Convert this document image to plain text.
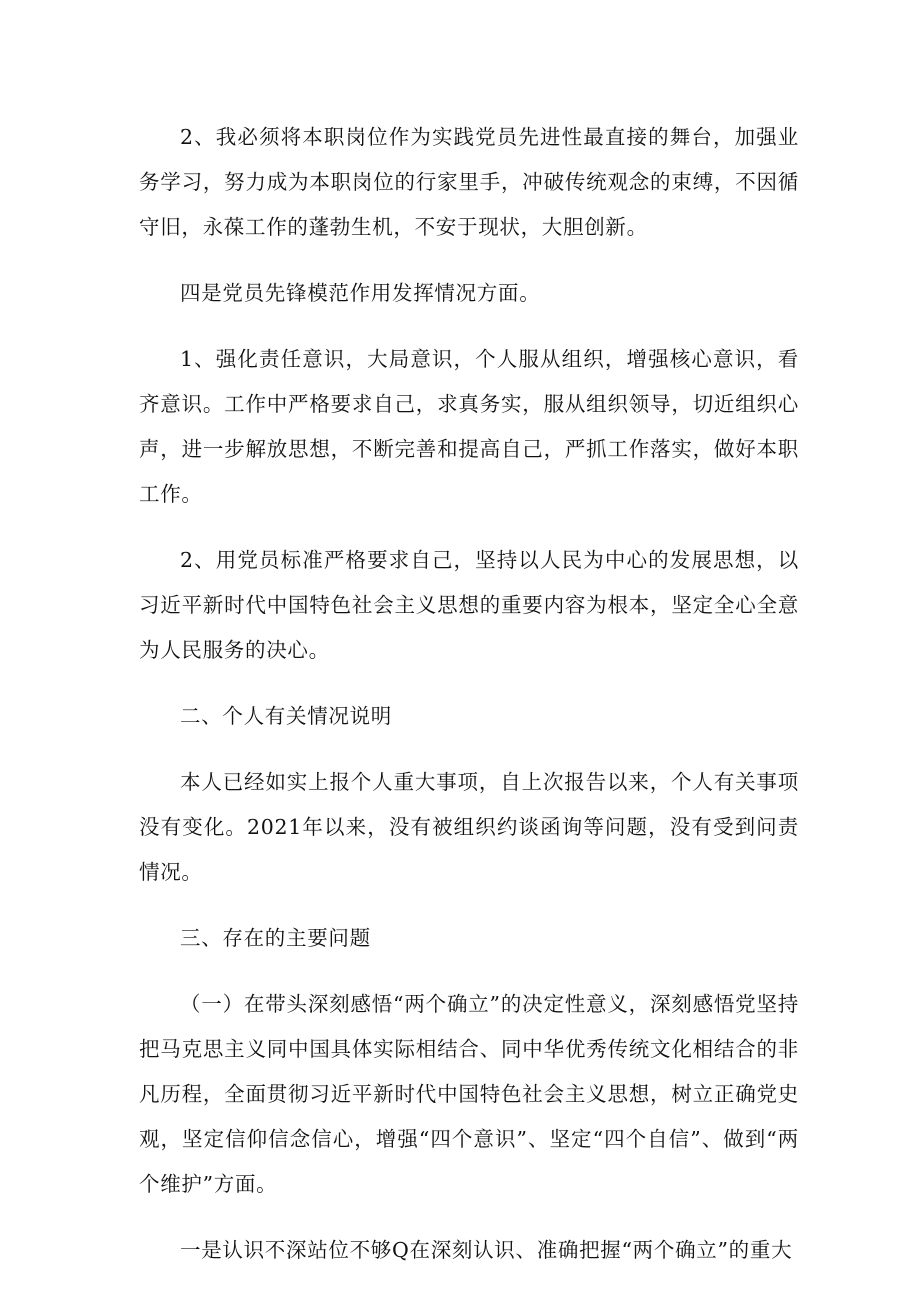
2、我必须将本职岗位作为实践党员先进性最直接的舞台，加强业务学习，努力成为本职岗位的行家里手，冲破传统观念的束缚，不因循守旧，永葆工作的蓬勃生机，不安于现状，大胆创新。

四是党员先锋模范作用发挥情况方面。

1、强化责任意识，大局意识，个人服从组织，增强核心意识，看齐意识。工作中严格要求自己，求真务实，服从组织领导，切近组织心声，进一步解放思想，不断完善和提高自己，严抓工作落实，做好本职工作。

2、用党员标准严格要求自己，坚持以人民为中心的发展思想，以习近平新时代中国特色社会主义思想的重要内容为根本，坚定全心全意为人民服务的决心。

二、个人有关情况说明

本人已经如实上报个人重大事项，自上次报告以来，个人有关事项没有变化。2021年以来，没有被组织约谈函询等问题，没有受到问责情况。

三、存在的主要问题

（一）在带头深刻感悟“两个确立”的决定性意义，深刻感悟党坚持把马克思主义同中国具体实际相结合、同中华优秀传统文化相结合的非凡历程，全面贯彻习近平新时代中国特色社会主义思想，树立正确党史观，坚定信仰信念信心，增强“四个意识”、坚定“四个自信”、做到“两个维护”方面。

一是认识不深站位不够Q在深刻认识、准确把握“两个确立”的重大
